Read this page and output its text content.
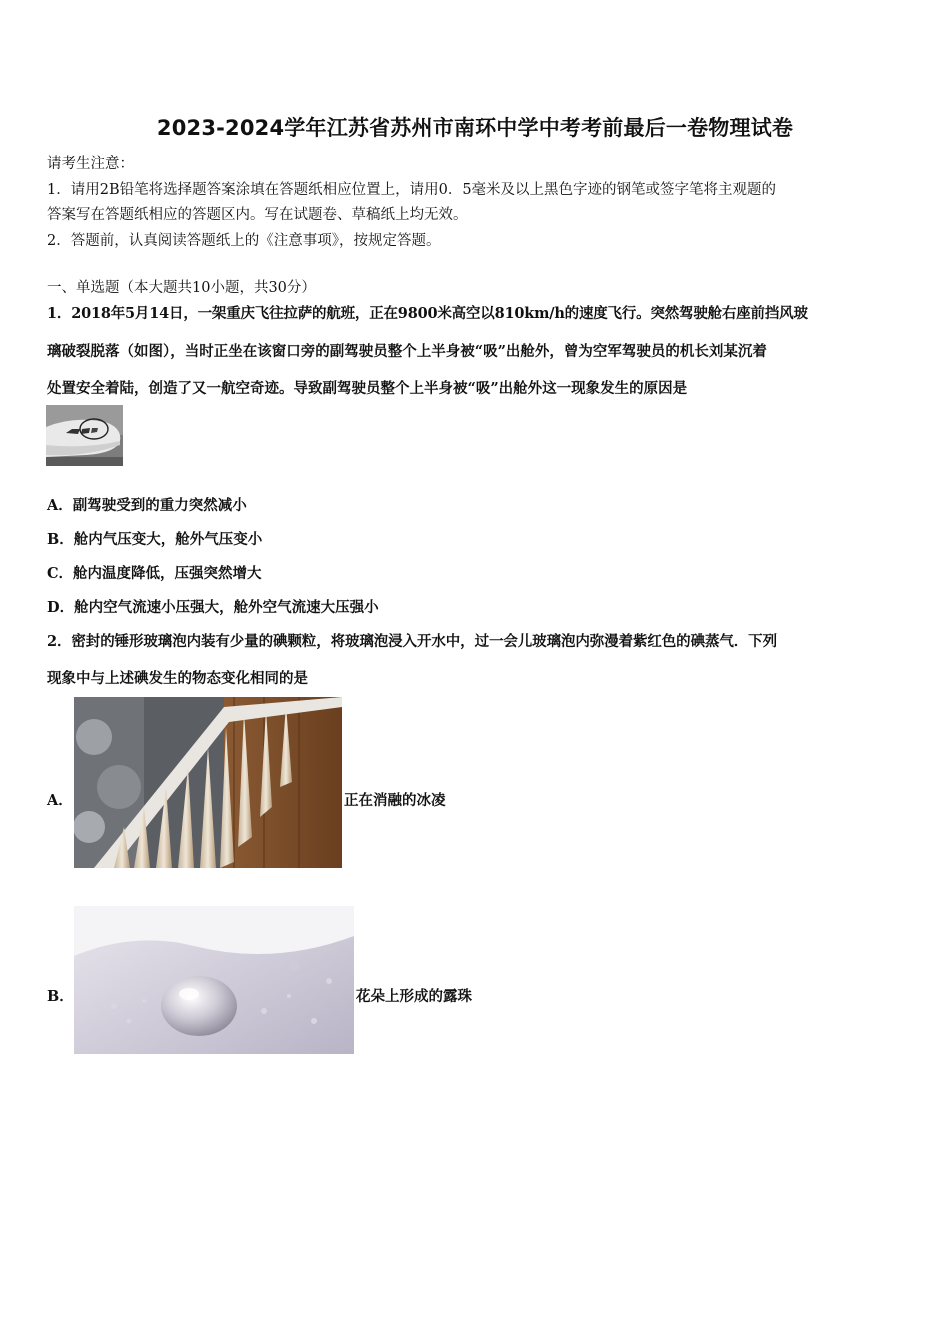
2023-2024学年江苏省苏州市南环中学中考考前最后一卷物理试卷
请考生注意：
1．请用2B铅笔将选择题答案涂填在答题纸相应位置上，请用0．5毫米及以上黑色字迹的钢笔或签字笔将主观题的
答案写在答题纸相应的答题区内。写在试题卷、草稿纸上均无效。
2．答题前，认真阅读答题纸上的《注意事项》，按规定答题。
一、单选题（本大题共10小题，共30分）
1．2018年5月14日，一架重庆飞往拉萨的航班，正在9800米高空以810km/h的速度飞行。突然驾驶舱右座前挡风玻
璃破裂脱落（如图），当时正坐在该窗口旁的副驾驶员整个上半身被“吸”出舱外，曾为空军驾驶员的机长刘某沉着
处置安全着陆，创造了又一航空奇迹。导致副驾驶员整个上半身被“吸”出舱外这一现象发生的原因是
A．副驾驶受到的重力突然减小
B．舱内气压变大，舱外气压变小
C．舱内温度降低，压强突然增大
D．舱内空气流速小压强大，舱外空气流速大压强小
2．密封的锤形玻璃泡内装有少量的碘颗粒，将玻璃泡浸入开水中，过一会儿玻璃泡内弥漫着紫红色的碘蒸气．下列
现象中与上述碘发生的物态变化相同的是
A．	正在消融的冰凌
B．	花朵上形成的露珠
